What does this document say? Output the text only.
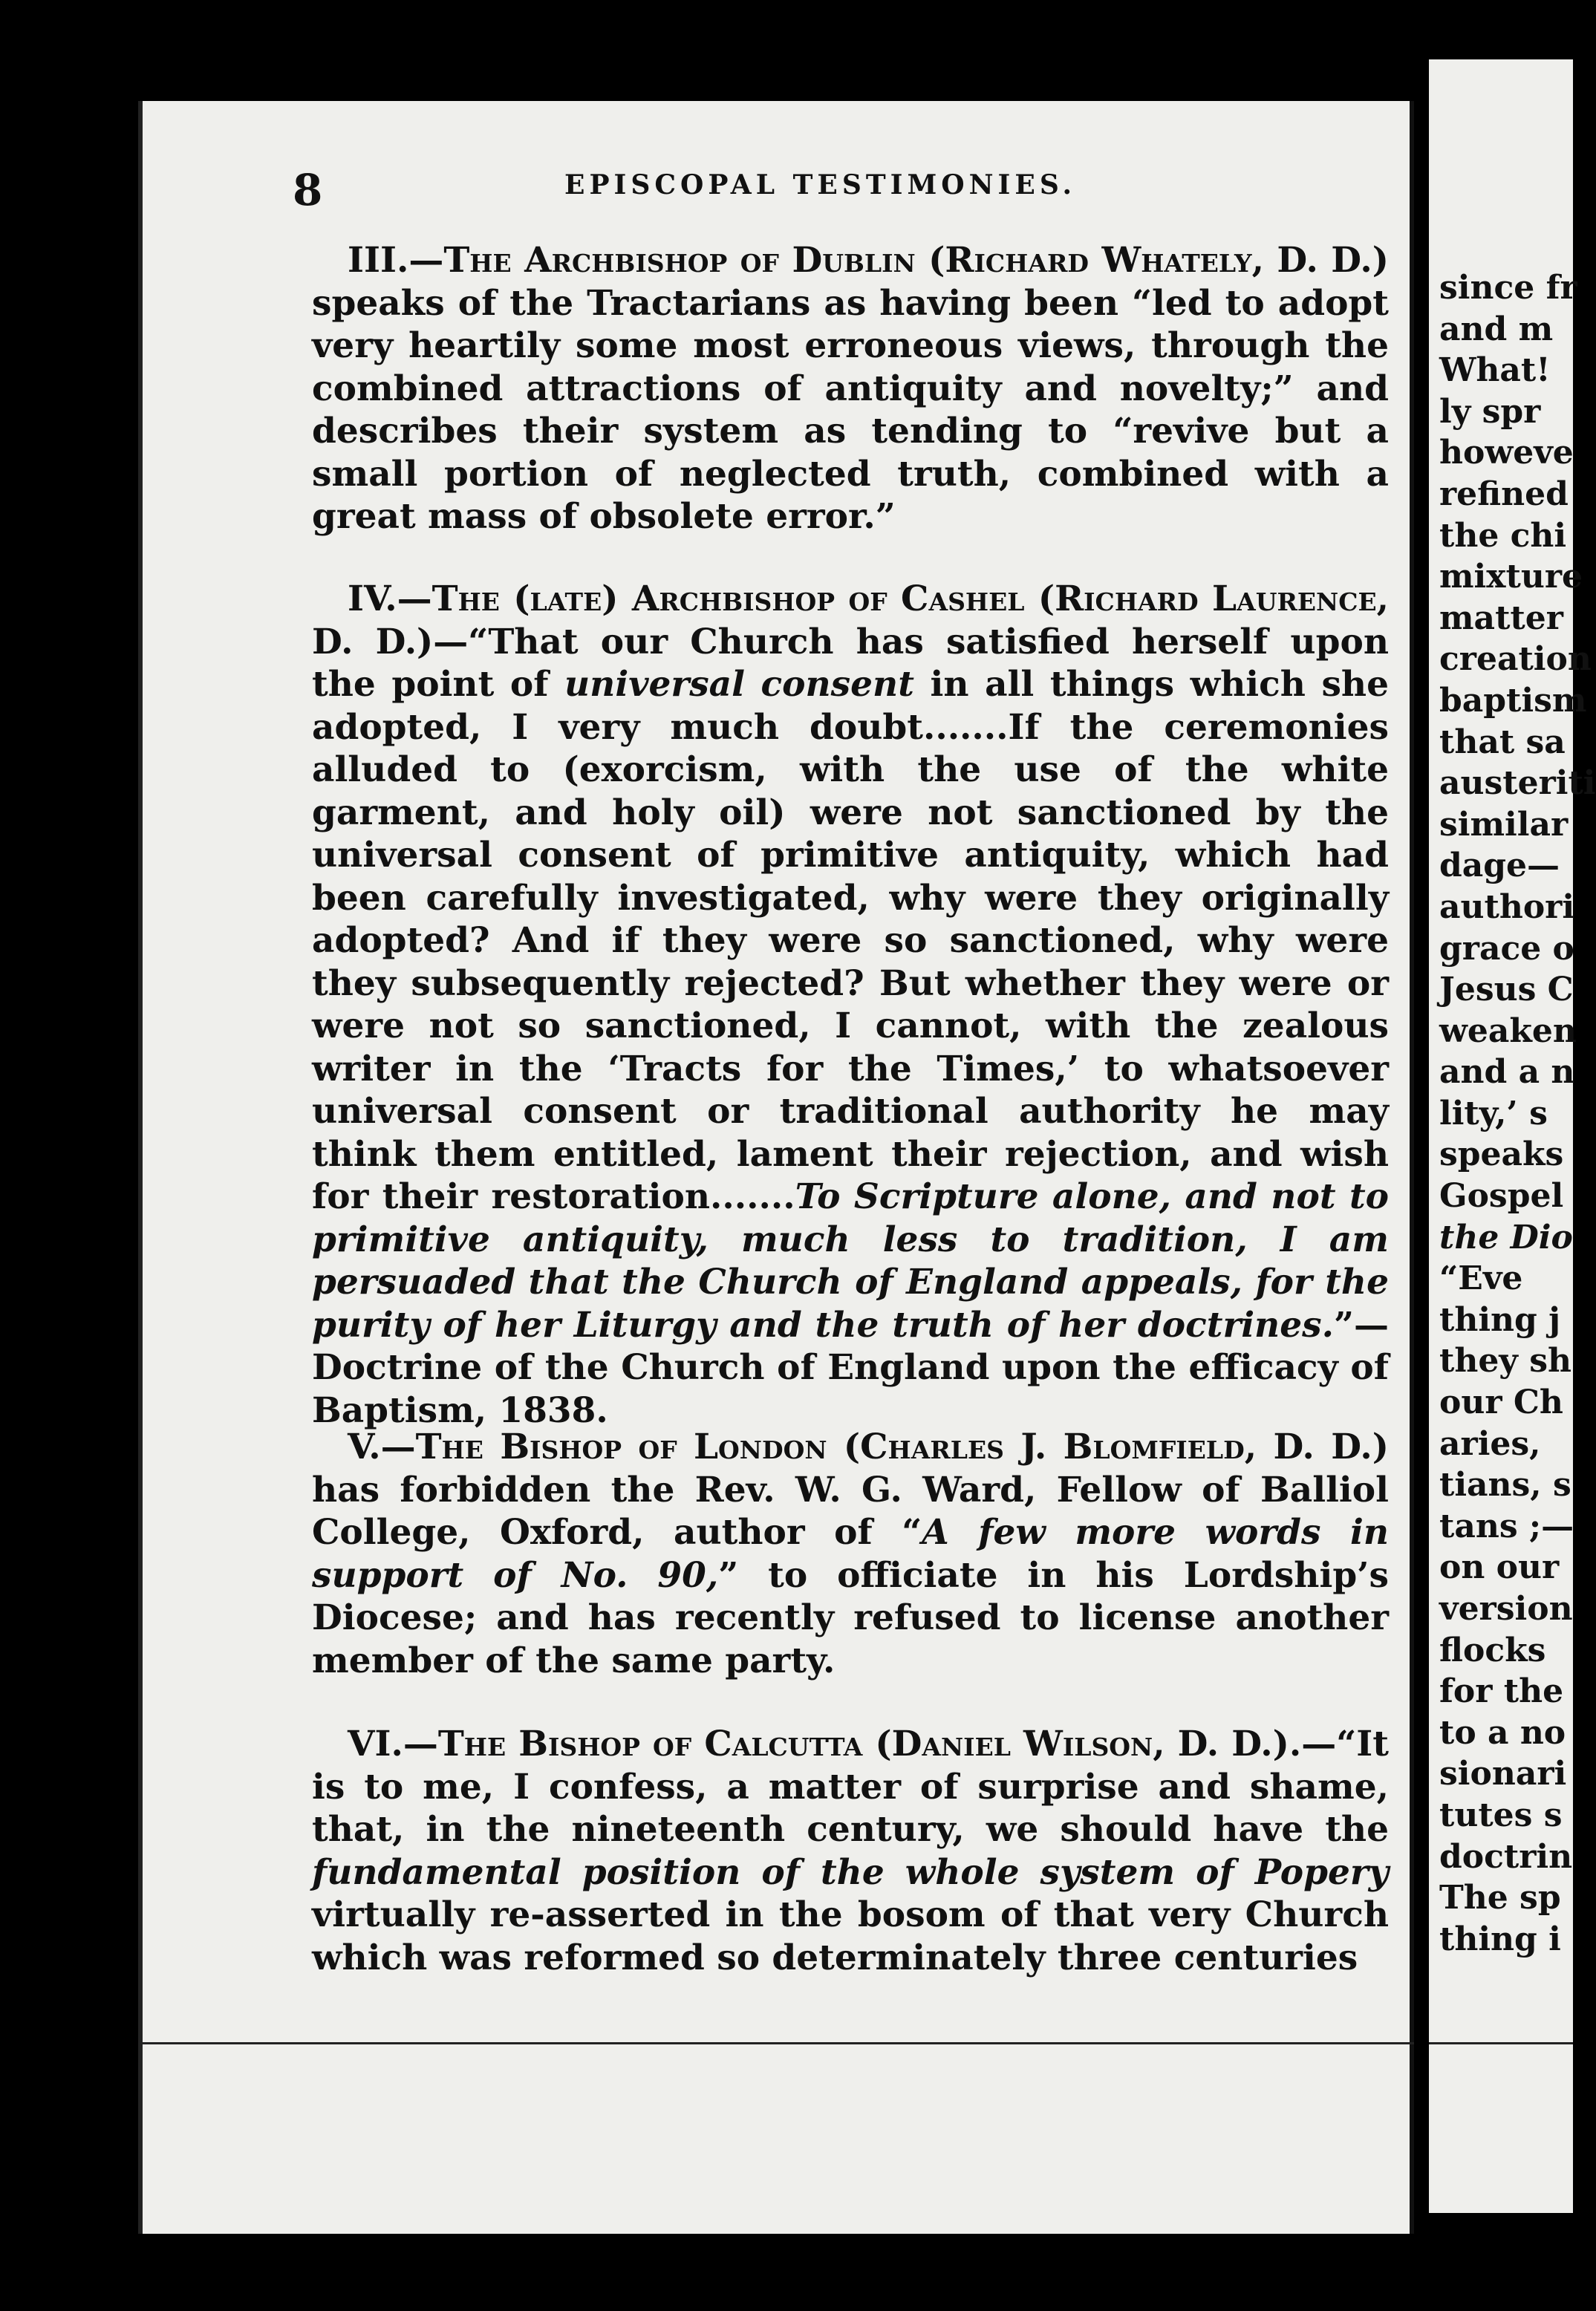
8	EPISCOPAL TESTIMONIES.

III.—The Archbishop of Dublin (Richard Whately, D. D.) speaks of the Tractarians as having been “led to adopt very heartily some most erroneous views, through the combined attractions of antiquity and novelty;” and describes their system as tending to “revive but a small portion of neglected truth, combined with a great mass of obsolete error.”

IV.—The (late) Archbishop of Cashel (Richard Laurence, D. D.)—“That our Church has satisfied herself upon the point of universal consent in all things which she adopted, I very much doubt.......If the ceremonies alluded to (exorcism, with the use of the white garment, and holy oil) were not sanctioned by the universal consent of primitive antiquity, which had been carefully investigated, why were they originally adopted? And if they were so sanctioned, why were they subsequently rejected? But whether they were or were not so sanctioned, I cannot, with the zealous writer in the ‘Tracts for the Times,’ to whatsoever universal consent or traditional authority he may think them entitled, lament their rejection, and wish for their restoration.......To Scripture alone, and not to primitive antiquity, much less to tradition, I am persuaded that the Church of England appeals, for the purity of her Liturgy and the truth of her doctrines.”—Doctrine of the Church of England upon the efficacy of Baptism, 1838.

V.—The Bishop of London (Charles J. Blomfield, D. D.) has forbidden the Rev. W. G. Ward, Fellow of Balliol College, Oxford, author of “A few more words in support of No. 90,” to officiate in his Lordship’s Diocese; and has recently refused to license another member of the same party.

VI.—The Bishop of Calcutta (Daniel Wilson, D. D.).—“It is to me, I confess, a matter of surprise and shame, that, in the nineteenth century, we should have the fundamental position of the whole system of Popery virtually re-asserted in the bosom of that very Church which was reformed so determinately three centuries

since fr
and m
What!
ly spr
howeve
refined
the chi
mixture
matter
creation
baptism
that sa
austeriti
similar
dage—
authori
grace o
Jesus C
weaken
and a n
lity,’ s
speaks
Gospel
the Dio
“Eve
thing j
they sh
our Ch
aries,
tians, s
tans ;—
on our
version
flocks
for the
to a no
sionari
tutes s
doctrin
The sp
thing i
